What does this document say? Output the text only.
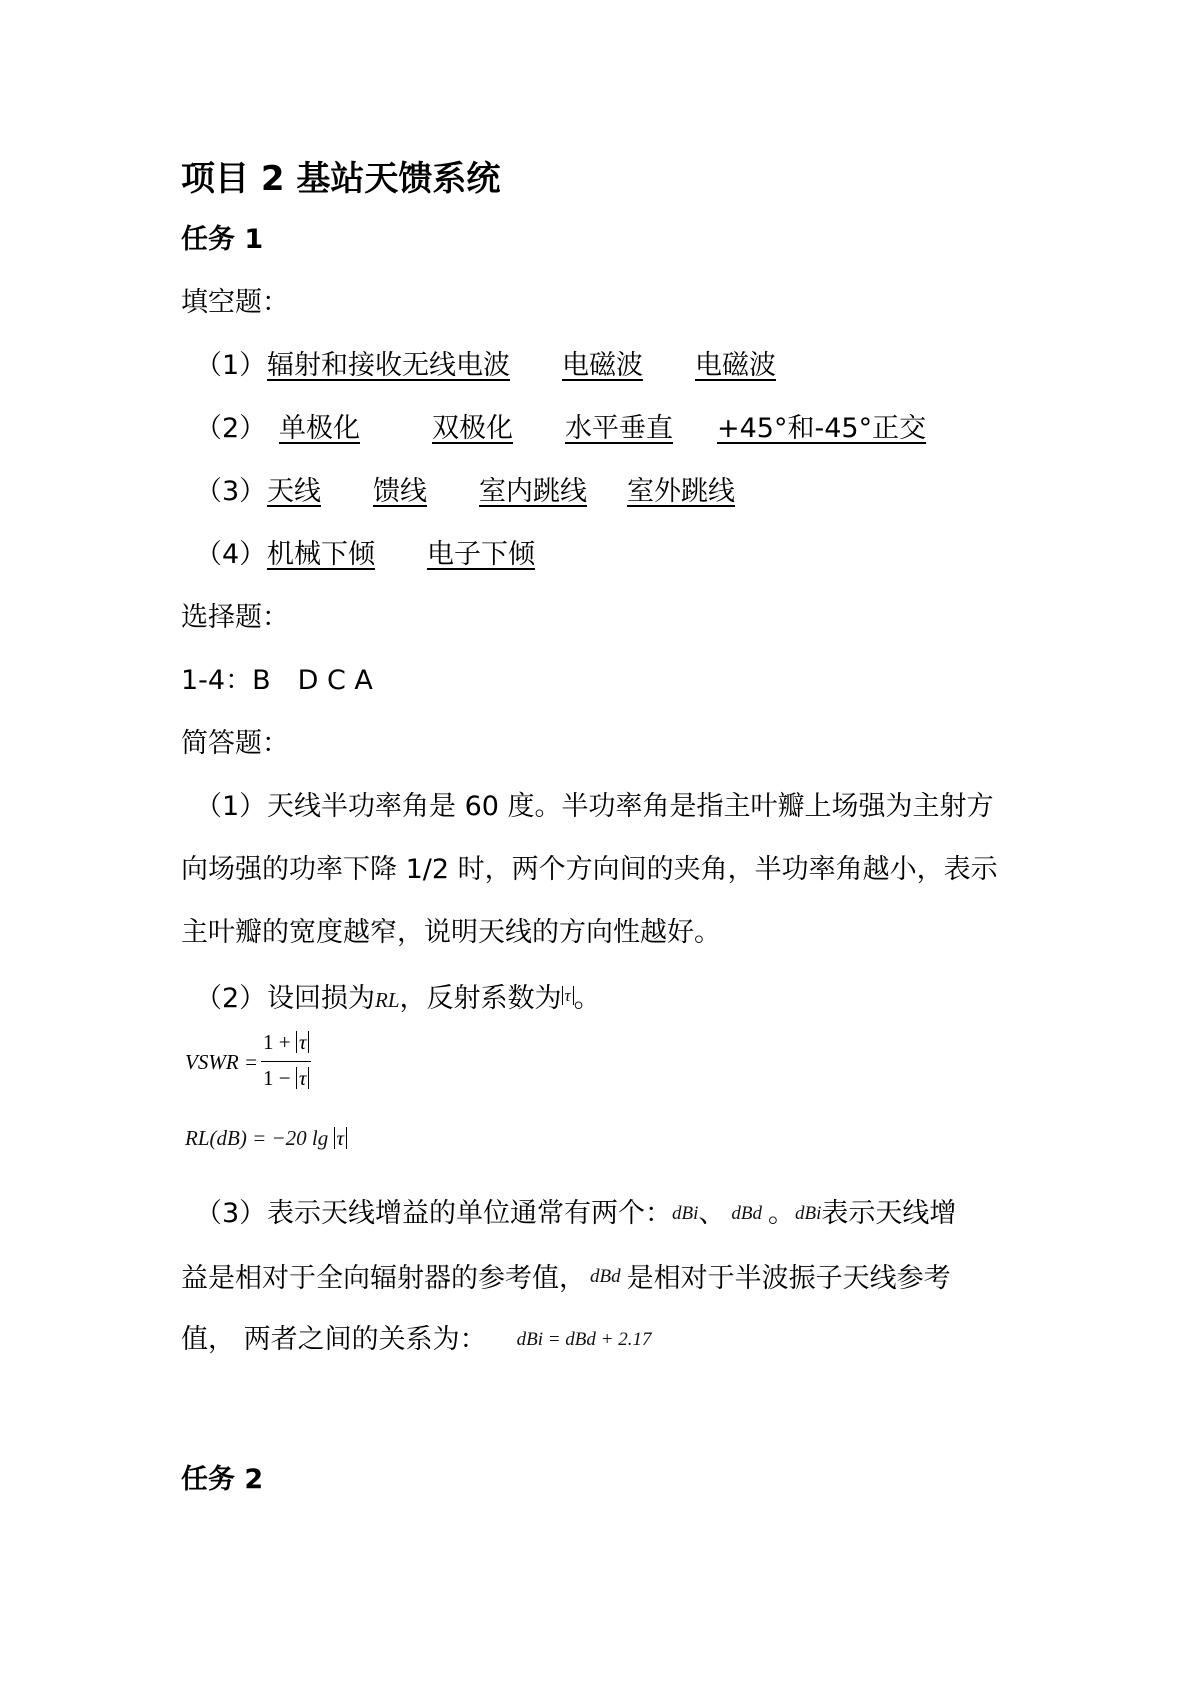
项目 2 基站天馈系统
任务 1
填空题：
（1）辐射和接收无线电波 电磁波 电磁波
（2） 单极化	双极化 水平垂直 +45°和-45°正交
（3）天线 馈线 室内跳线 室外跳线
（4）机械下倾 电子下倾
选择题：
1-4：B　D C A
简答题：
（1）天线半功率角是 60 度。半功率角是指主叶瓣上场强为主射方
向场强的功率下降 1/2 时，两个方向间的夹角，半功率角越小，表示
主叶瓣的宽度越窄，说明天线的方向性越好。
（2）设回损为RL，反射系数为 $^\tau$ 。
VSWR =
1 + τ
1 − τ
RL(dB) = −20 lg τ
（3）表示天线增益的单位通常有两个：dBi、 dBd 。dBi表示天线增
益是相对于全向辐射器的参考值， dBd 是相对于半波振子天线参考
值， 两者之间的关系为： dBi = dBd + 2.17
任务 2
